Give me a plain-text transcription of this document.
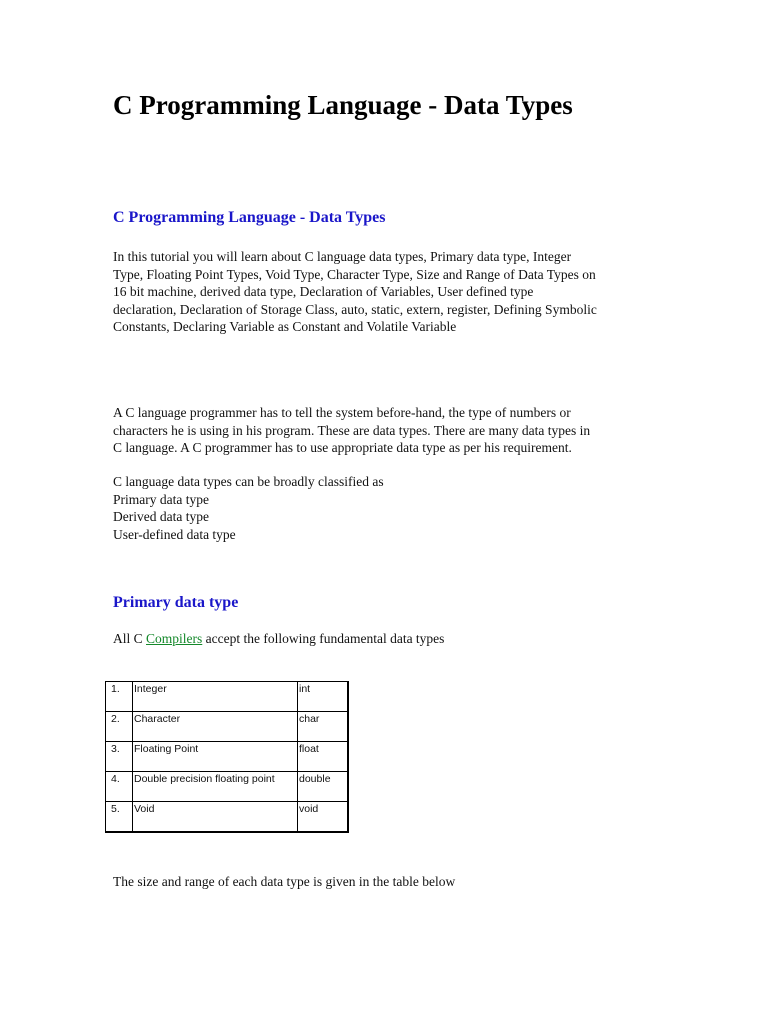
C Programming Language - Data Types
C Programming Language - Data Types
In this tutorial you will learn about C language data types, Primary data type, Integer
Type, Floating Point Types, Void Type, Character Type, Size and Range of Data Types on
16 bit machine, derived data type, Declaration of Variables, User defined type
declaration, Declaration of Storage Class, auto, static, extern, register, Defining Symbolic
Constants, Declaring Variable as Constant and Volatile Variable
A C language programmer has to tell the system before-hand, the type of numbers or
characters he is using in his program. These are data types. There are many data types in
C language. A C programmer has to use appropriate data type as per his requirement.
C language data types can be broadly classified as
Primary data type
Derived data type
User-defined data type
Primary data type

All C Compilers accept the following fundamental data types

1.	Integer	int
2.	Character	char
3.	Floating Point	float
4.	Double precision floating point	double
5.	Void	void

The size and range of each data type is given in the table below
